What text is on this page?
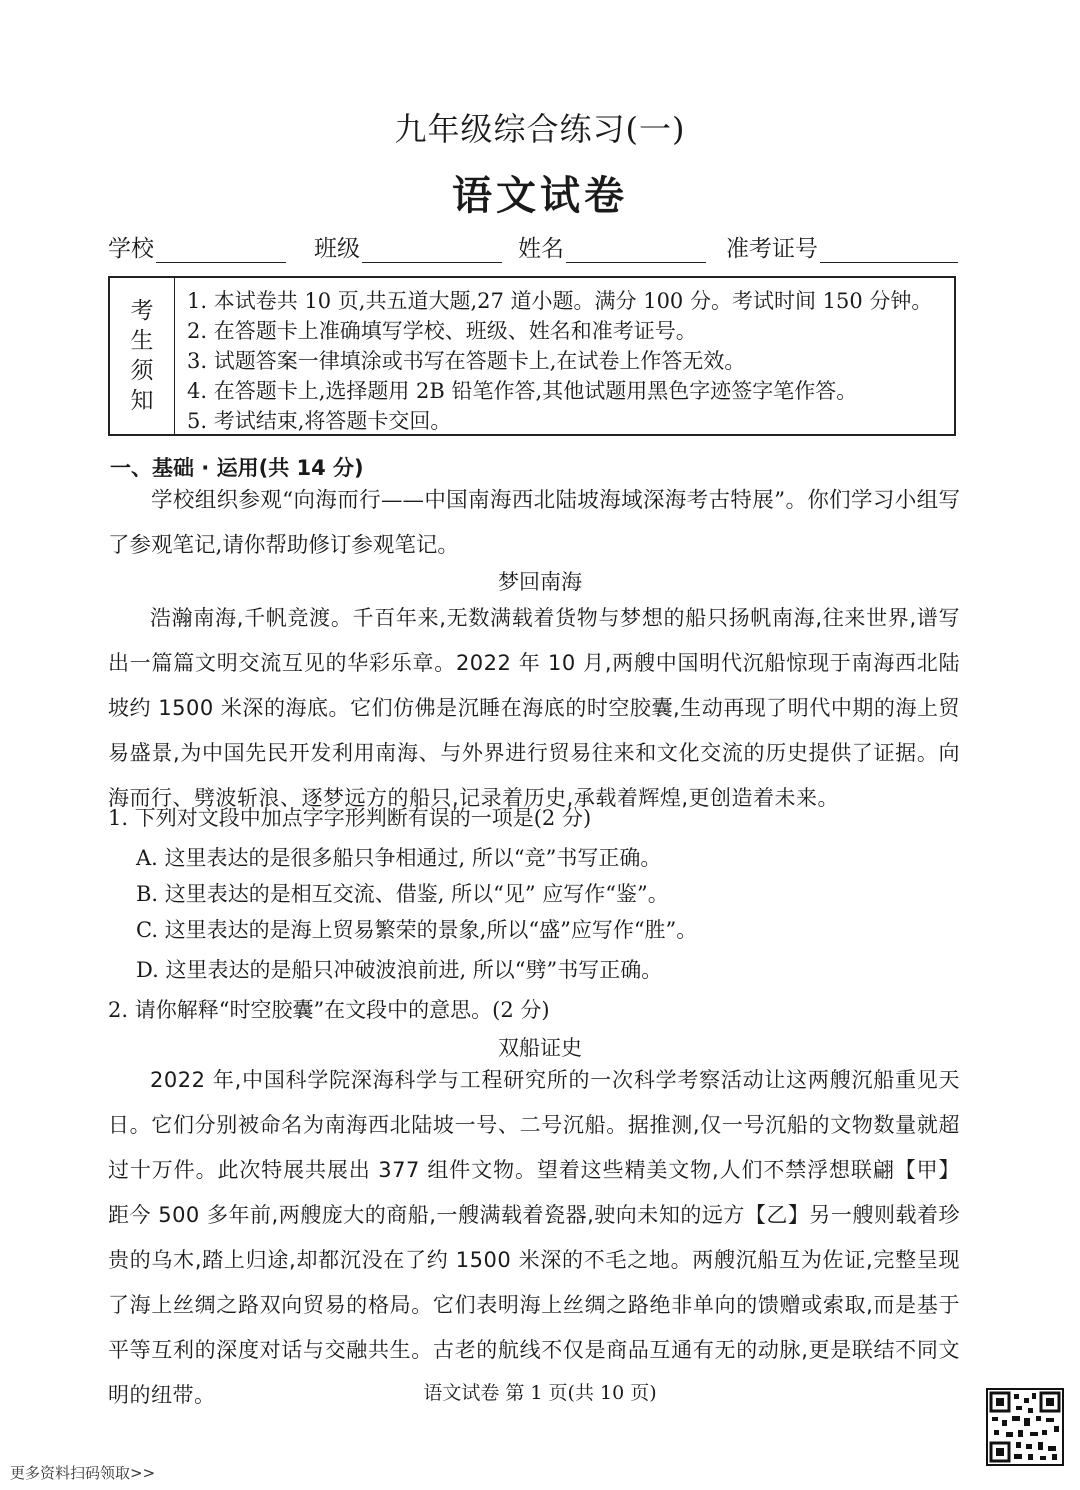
九年级综合练习(一)
语文试卷
学校	班级	姓名	准考证号
考
生
须
知
1. 本试卷共 10 页,共五道大题,27 道小题。满分 100 分。考试时间 150 分钟。
2. 在答题卡上准确填写学校、班级、姓名和准考证号。
3. 试题答案一律填涂或书写在答题卡上,在试卷上作答无效。
4. 在答题卡上,选择题用 2B 铅笔作答,其他试题用黑色字迹签字笔作答。
5. 考试结束,将答题卡交回。
一、基础 · 运用(共 14 分)
学校组织参观“向海而行——中国南海西北陆坡海域深海考古特展”。你们学习小组写了参观笔记,请你帮助修订参观笔记。
梦回南海
浩瀚南海,千帆竞渡。千百年来,无数满载着货物与梦想的船只扬帆南海,往来世界,谱写出一篇篇文明交流互见的华彩乐章。2022 年 10 月,两艘中国明代沉船惊现于南海西北陆坡约 1500 米深的海底。它们仿佛是沉睡在海底的时空胶囊,生动再现了明代中期的海上贸易盛景,为中国先民开发利用南海、与外界进行贸易往来和文化交流的历史提供了证据。向海而行、劈波斩浪、逐梦远方的船只,记录着历史,承载着辉煌,更创造着未来。
1. 下列对文段中加点字字形判断有误的一项是(2 分)
A. 这里表达的是很多船只争相通过, 所以“竞”书写正确。
B. 这里表达的是相互交流、借鉴, 所以“见” 应写作“鉴”。
C. 这里表达的是海上贸易繁荣的景象,所以“盛”应写作“胜”。
D. 这里表达的是船只冲破波浪前进, 所以“劈”书写正确。
2. 请你解释“时空胶囊”在文段中的意思。(2 分)
双船证史
2022 年,中国科学院深海科学与工程研究所的一次科学考察活动让这两艘沉船重见天日。它们分别被命名为南海西北陆坡一号、二号沉船。据推测,仅一号沉船的文物数量就超过十万件。此次特展共展出 377 组件文物。望着这些精美文物,人们不禁浮想联翩【甲】距今 500 多年前,两艘庞大的商船,一艘满载着瓷器,驶向未知的远方【乙】另一艘则载着珍贵的乌木,踏上归途,却都沉没在了约 1500 米深的不毛之地。两艘沉船互为佐证,完整呈现了海上丝绸之路双向贸易的格局。它们表明海上丝绸之路绝非单向的馈赠或索取,而是基于平等互利的深度对话与交融共生。古老的航线不仅是商品互通有无的动脉,更是联结不同文明的纽带。	语文试卷 第 1 页(共 10 页)
更多资料扫码领取>>
